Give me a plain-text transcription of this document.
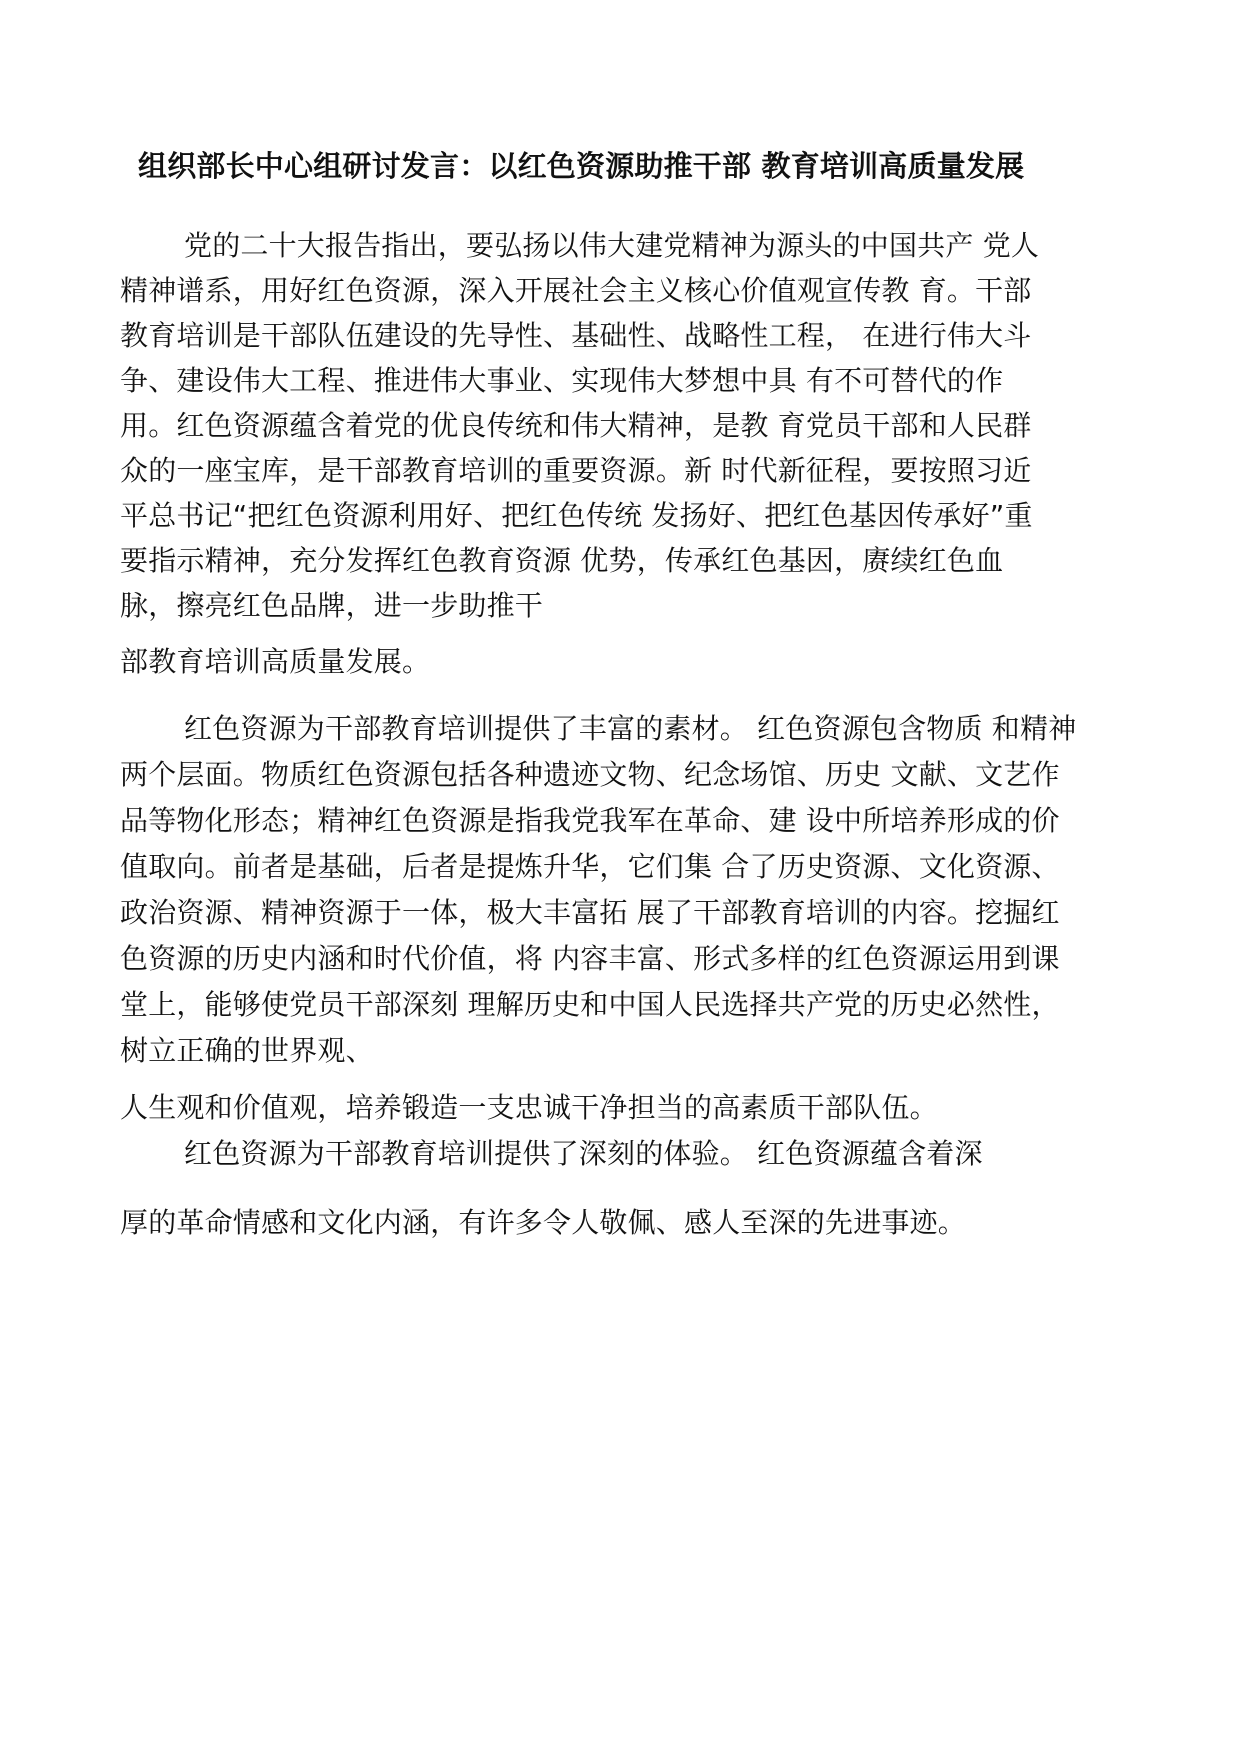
组织部长中心组研讨发言：以红色资源助推干部 教育培训高质量发展

党的二十大报告指出，要弘扬以伟大建党精神为源头的中国共产 党人

精神谱系，用好红色资源，深入开展社会主义核心价值观宣传教 育。干部

教育培训是干部队伍建设的先导性、基础性、战略性工程， 在进行伟大斗

争、建设伟大工程、推进伟大事业、实现伟大梦想中具 有不可替代的作

用。红色资源蕴含着党的优良传统和伟大精神，是教 育党员干部和人民群

众的一座宝库，是干部教育培训的重要资源。新 时代新征程，要按照习近

平总书记“把红色资源利用好、把红色传统 发扬好、把红色基因传承好”重

要指示精神，充分发挥红色教育资源 优势，传承红色基因，赓续红色血

脉，擦亮红色品牌，进一步助推干

部教育培训高质量发展。

红色资源为干部教育培训提供了丰富的素材。 红色资源包含物质 和精神

两个层面。物质红色资源包括各种遗迹文物、纪念场馆、历史 文献、文艺作

品等物化形态；精神红色资源是指我党我军在革命、建 设中所培养形成的价

值取向。前者是基础，后者是提炼升华，它们集 合了历史资源、文化资源、

政治资源、精神资源于一体，极大丰富拓 展了干部教育培训的内容。挖掘红

色资源的历史内涵和时代价值，将 内容丰富、形式多样的红色资源运用到课

堂上，能够使党员干部深刻 理解历史和中国人民选择共产党的历史必然性，

树立正确的世界观、

人生观和价值观，培养锻造一支忠诚干净担当的高素质干部队伍。

红色资源为干部教育培训提供了深刻的体验。 红色资源蕴含着深

厚的革命情感和文化内涵，有许多令人敬佩、感人至深的先进事迹。
